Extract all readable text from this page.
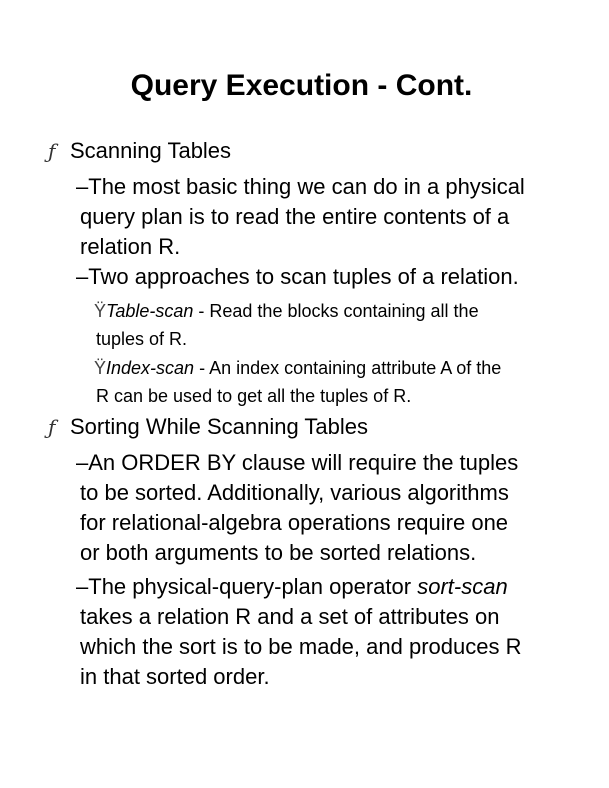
Query Execution - Cont.
ƒ Scanning Tables
–The most basic thing we can do in a physical
query plan is to read the entire contents of a
relation R.
–Two approaches to scan tuples of a relation.
ŸTable-scan - Read the blocks containing all the
tuples of R.
ŸIndex-scan - An index containing attribute A of the
R can be used to get all the tuples of R.
ƒ Sorting While Scanning Tables
–An ORDER BY clause will require the tuples
to be sorted. Additionally, various algorithms
for relational-algebra operations require one
or both arguments to be sorted relations.
–The physical-query-plan operator sort-scan
takes a relation R and a set of attributes on
which the sort is to be made, and produces R
in that sorted order.
